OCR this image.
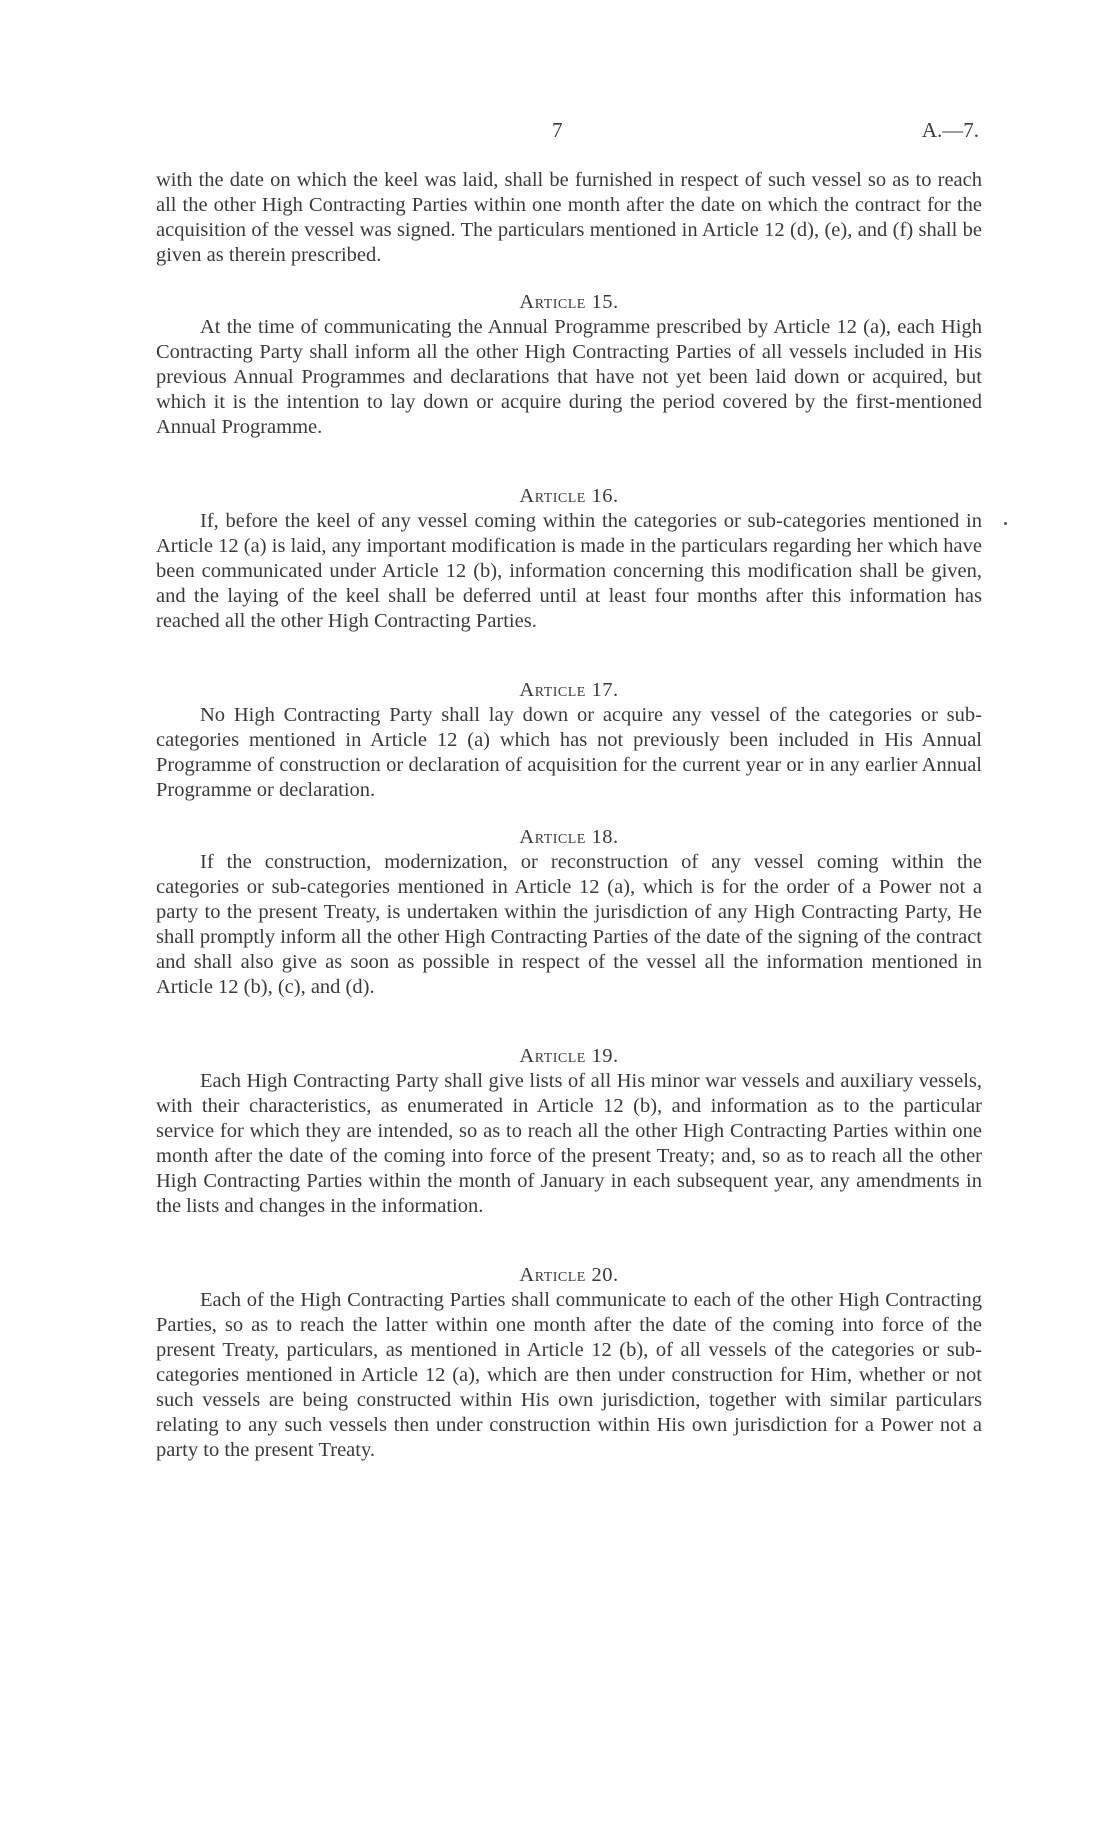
7	A.—7.

with the date on which the keel was laid, shall be furnished in respect of such vessel so as to reach all the other High Contracting Parties within one month after the date on which the contract for the acquisition of the vessel was signed. The particulars mentioned in Article 12 (d), (e), and (f) shall be given as therein prescribed.

Article 15.

At the time of communicating the Annual Programme prescribed by Article 12 (a), each High Contracting Party shall inform all the other High Contracting Parties of all vessels included in His previous Annual Programmes and declarations that have not yet been laid down or acquired, but which it is the intention to lay down or acquire during the period covered by the first-mentioned Annual Programme.

Article 16.

If, before the keel of any vessel coming within the categories or sub-categories mentioned in Article 12 (a) is laid, any important modification is made in the particulars regarding her which have been communicated under Article 12 (b), information concerning this modification shall be given, and the laying of the keel shall be deferred until at least four months after this information has reached all the other High Contracting Parties.

Article 17.

No High Contracting Party shall lay down or acquire any vessel of the categories or sub-categories mentioned in Article 12 (a) which has not previously been included in His Annual Programme of construction or declaration of acquisition for the current year or in any earlier Annual Programme or declaration.

Article 18.

If the construction, modernization, or reconstruction of any vessel coming within the categories or sub-categories mentioned in Article 12 (a), which is for the order of a Power not a party to the present Treaty, is undertaken within the jurisdiction of any High Contracting Party, He shall promptly inform all the other High Contracting Parties of the date of the signing of the contract and shall also give as soon as possible in respect of the vessel all the information mentioned in Article 12 (b), (c), and (d).

Article 19.

Each High Contracting Party shall give lists of all His minor war vessels and auxiliary vessels, with their characteristics, as enumerated in Article 12 (b), and information as to the particular service for which they are intended, so as to reach all the other High Contracting Parties within one month after the date of the coming into force of the present Treaty; and, so as to reach all the other High Contracting Parties within the month of January in each subsequent year, any amendments in the lists and changes in the information.

Article 20.

Each of the High Contracting Parties shall communicate to each of the other High Contracting Parties, so as to reach the latter within one month after the date of the coming into force of the present Treaty, particulars, as mentioned in Article 12 (b), of all vessels of the categories or sub-categories mentioned in Article 12 (a), which are then under construction for Him, whether or not such vessels are being constructed within His own jurisdiction, together with similar particulars relating to any such vessels then under construction within His own jurisdiction for a Power not a party to the present Treaty.
